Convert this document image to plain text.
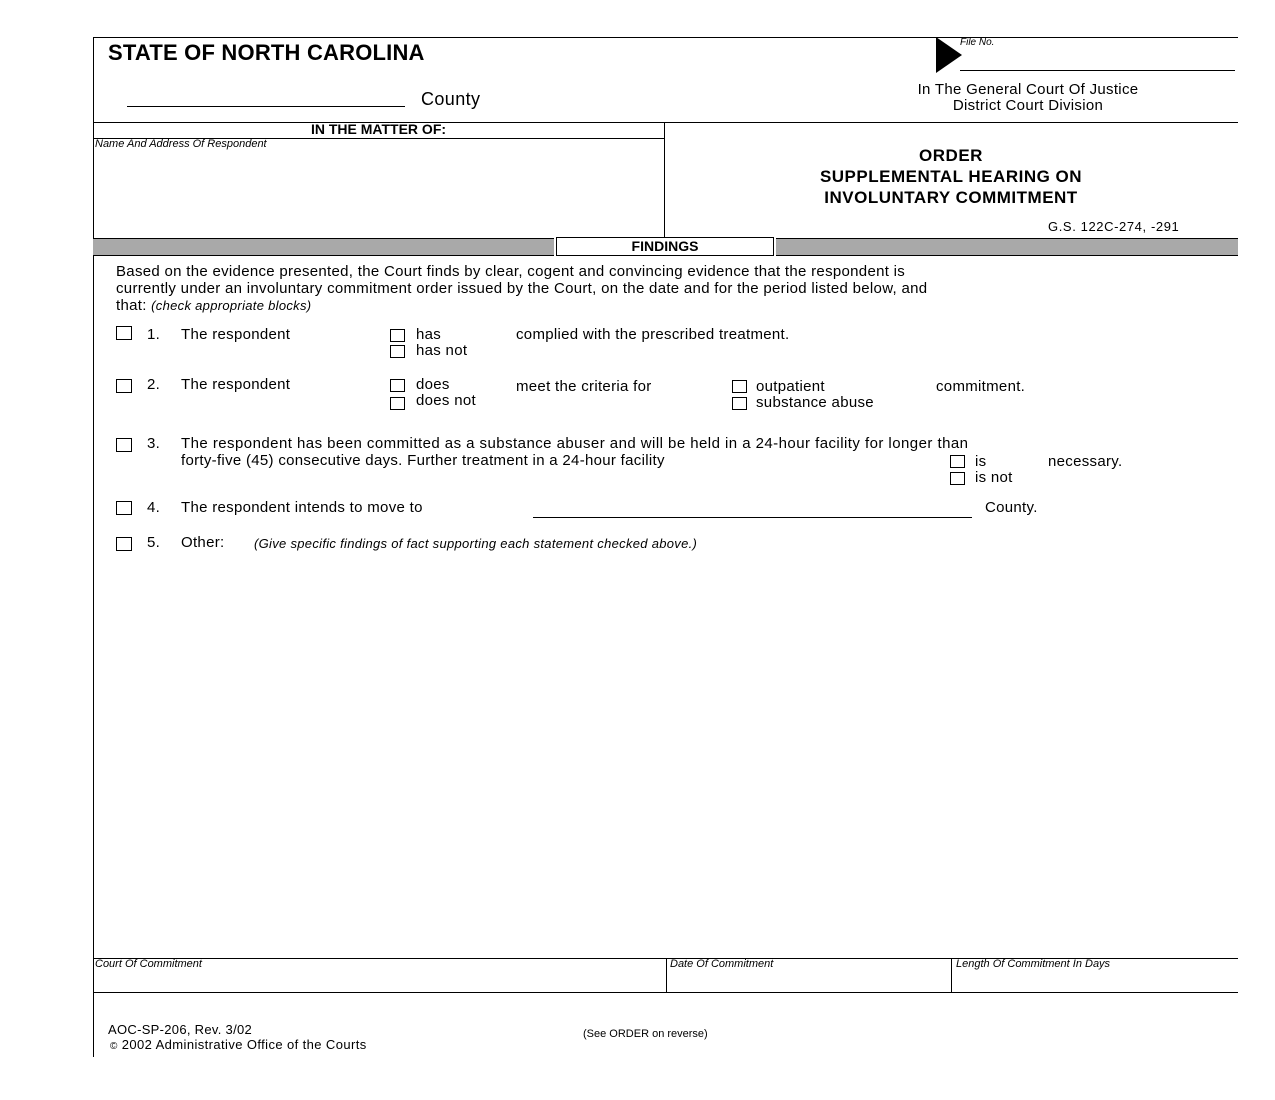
STATE OF NORTH CAROLINA
County
File No.
In The General Court Of Justice
District Court Division
IN THE MATTER OF:
Name And Address Of Respondent
ORDER
SUPPLEMENTAL HEARING ON
INVOLUNTARY COMMITMENT
G.S. 122C-274, -291
FINDINGS
Based on the evidence presented, the Court finds by clear, cogent and convincing evidence that the respondent is
currently under an involuntary commitment order issued by the Court, on the date and for the period listed below, and
that: (check appropriate blocks)
1. The respondent	has
has not
complied with the prescribed treatment.
2. The respondent	does
does not
meet the criteria for	outpatient
substance abuse
commitment.
3. The respondent has been committed as a substance abuser and will be held in a 24-hour facility for longer than
forty-five (45) consecutive days. Further treatment in a 24-hour facility	is
is not
necessary.
4. The respondent intends to move to	County.
5. Other: (Give specific findings of fact supporting each statement checked above.)
Court Of Commitment	Date Of Commitment	Length Of Commitment In Days
AOC-SP-206, Rev. 3/02
© 2002 Administrative Office of the Courts
(See ORDER on reverse)
